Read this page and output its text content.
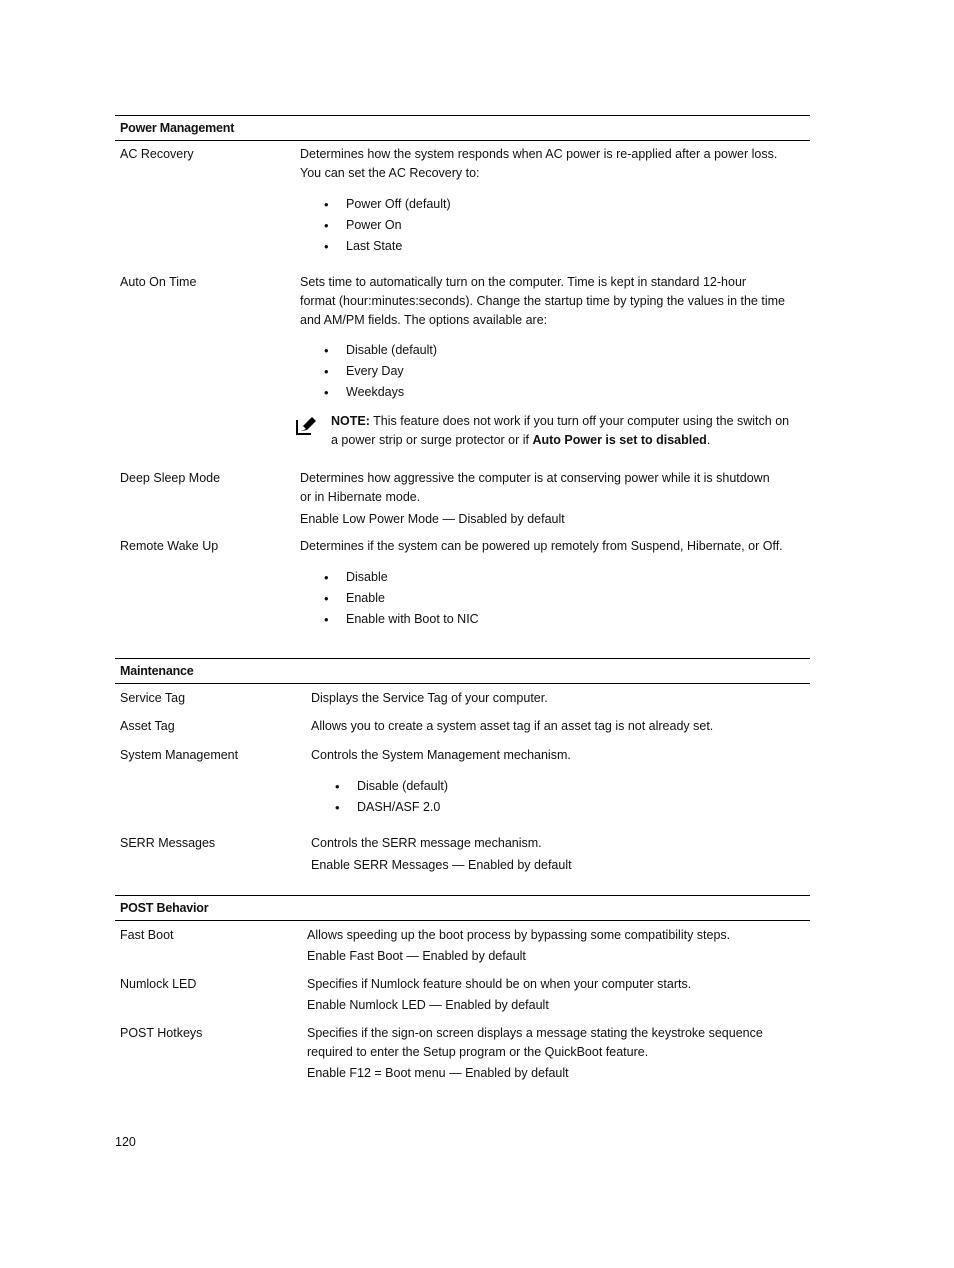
Power Management
AC Recovery	Determines how the system responds when AC power is re-applied after a power loss.

You can set the AC Recovery to:

• Power Off (default)
• Power On
• Last State
Auto On Time	Sets time to automatically turn on the computer. Time is kept in standard 12-hour

format (hour:minutes:seconds). Change the startup time by typing the values in the time

and AM/PM fields. The options available are:

• Disable (default)
• Every Day
• Weekdays
NOTE: This feature does not work if you turn off your computer using the switch on
a power strip or surge protector or if Auto Power is set to disabled.
Deep Sleep Mode	Determines how aggressive the computer is at conserving power while it is shutdown

or in Hibernate mode.

Enable Low Power Mode — Disabled by default

Remote Wake Up	Determines if the system can be powered up remotely from Suspend, Hibernate, or Off.

• Disable
• Enable
• Enable with Boot to NIC
Maintenance
Service Tag	Displays the Service Tag of your computer.

Asset Tag	Allows you to create a system asset tag if an asset tag is not already set.

System Management	Controls the System Management mechanism.

• Disable (default)
• DASH/ASF 2.0
SERR Messages	Controls the SERR message mechanism.

Enable SERR Messages — Enabled by default

POST Behavior
Fast Boot	Allows speeding up the boot process by bypassing some compatibility steps.

Enable Fast Boot — Enabled by default

Numlock LED	Specifies if Numlock feature should be on when your computer starts.

Enable Numlock LED — Enabled by default

POST Hotkeys	Specifies if the sign-on screen displays a message stating the keystroke sequence

required to enter the Setup program or the QuickBoot feature.

Enable F12 = Boot menu — Enabled by default

120
